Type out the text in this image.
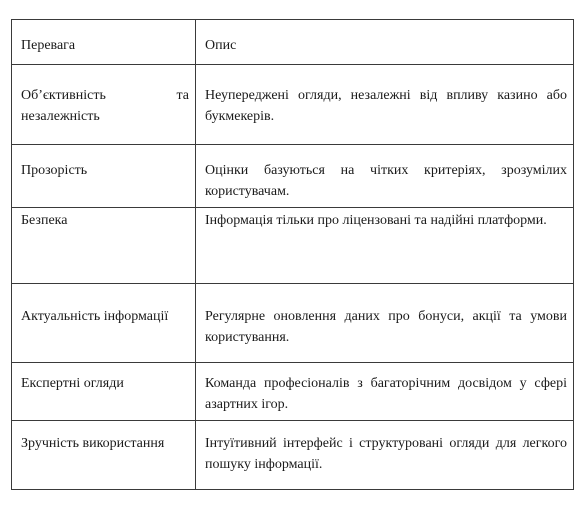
Перевага	Опис
Об’єктивність та незалежність	Неупереджені огляди, незалежні від впливу казино або букмекерів.
Прозорість	Оцінки базуються на чітких критеріях, зрозумілих користувачам.
Безпека	Інформація тільки про ліцензовані та надійні платформи.
Актуальність інформації	Регулярне оновлення даних про бонуси, акції та умови користування.
Експертні огляди	Команда професіоналів з багаторічним досвідом у сфері азартних ігор.
Зручність використання	Інтуїтивний інтерфейс і структуровані огляди для легкого пошуку інформації.
